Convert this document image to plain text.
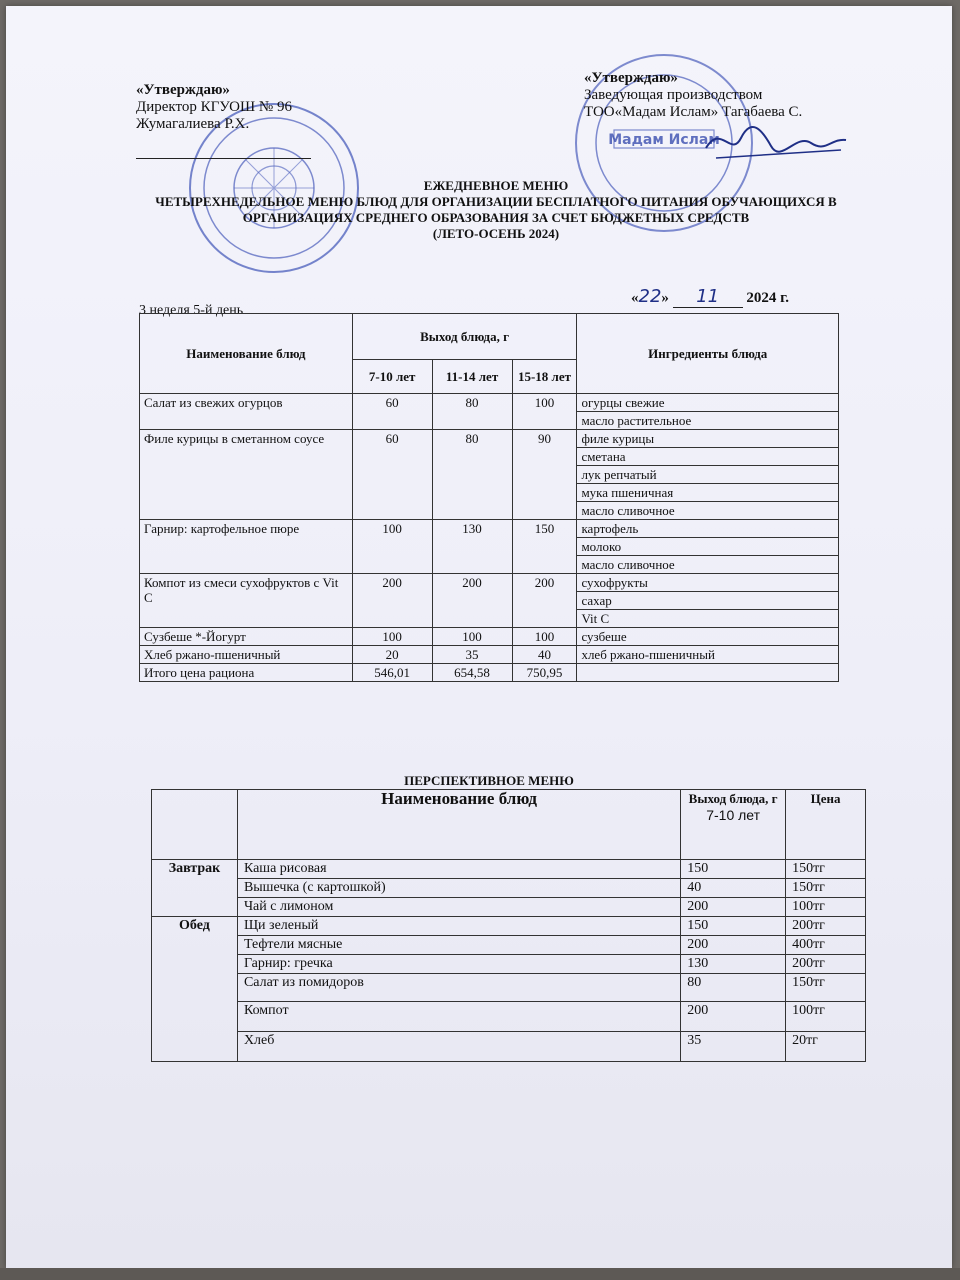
Мадам Ислам
«Утверждаю»
Директор КГУОШ № 96
Жумагалиева Р.Х.
«Утверждаю»
Заведующая производством
ТОО«Мадам Ислам» Тагабаева С.
ЕЖЕДНЕВНОЕ МЕНЮ
ЧЕТЫРЕХНЕДЕЛЬНОЕ МЕНЮ БЛЮД ДЛЯ ОРГАНИЗАЦИИ БЕСПЛАТНОГО ПИТАНИЯ ОБУЧАЮЩИХСЯ В ОРГАНИЗАЦИЯХ СРЕДНЕГО ОБРАЗОВАНИЯ ЗА СЧЕТ БЮДЖЕТНЫХ СРЕДСТВ
(ЛЕТО-ОСЕНЬ 2024)
3 неделя 5-й день
«22» 11 2024 г.
Наименование блюд	Выход блюда, г			Ингредиенты блюда
	7-10 лет	11-14 лет	15-18 лет	
Салат из свежих огурцов	60	80	100	огурцы свежие
				масло растительное
Филе курицы в сметанном соусе	60	80	90	филе курицы
				сметана
				лук репчатый
				мука пшеничная
				масло сливочное
Гарнир: картофельное пюре	100	130	150	картофель
				молоко
				масло сливочное
Компот из смеси сухофруктов с Vit C	200	200	200	сухофрукты
				сахар
				Vit C
Сузбеше *-Йогурт	100	100	100	сузбеше
Хлеб ржано-пшеничный	20	35	40	хлеб ржано-пшеничный
Итого цена рациона	546,01	654,58	750,95	
ПЕРСПЕКТИВНОЕ МЕНЮ
	Наименование блюд	Выход блюда, г
7-10 лет	Цена
Завтрак	Каша рисовая	150	150тг
	Вышечка (с картошкой)	40	150тг
	Чай с лимоном	200	100тг
Обед	Щи зеленый	150	200тг
	Тефтели мясные	200	400тг
	Гарнир: гречка	130	200тг
	Салат из помидоров	80	150тг
	Компот	200	100тг
	Хлеб	35	20тг
